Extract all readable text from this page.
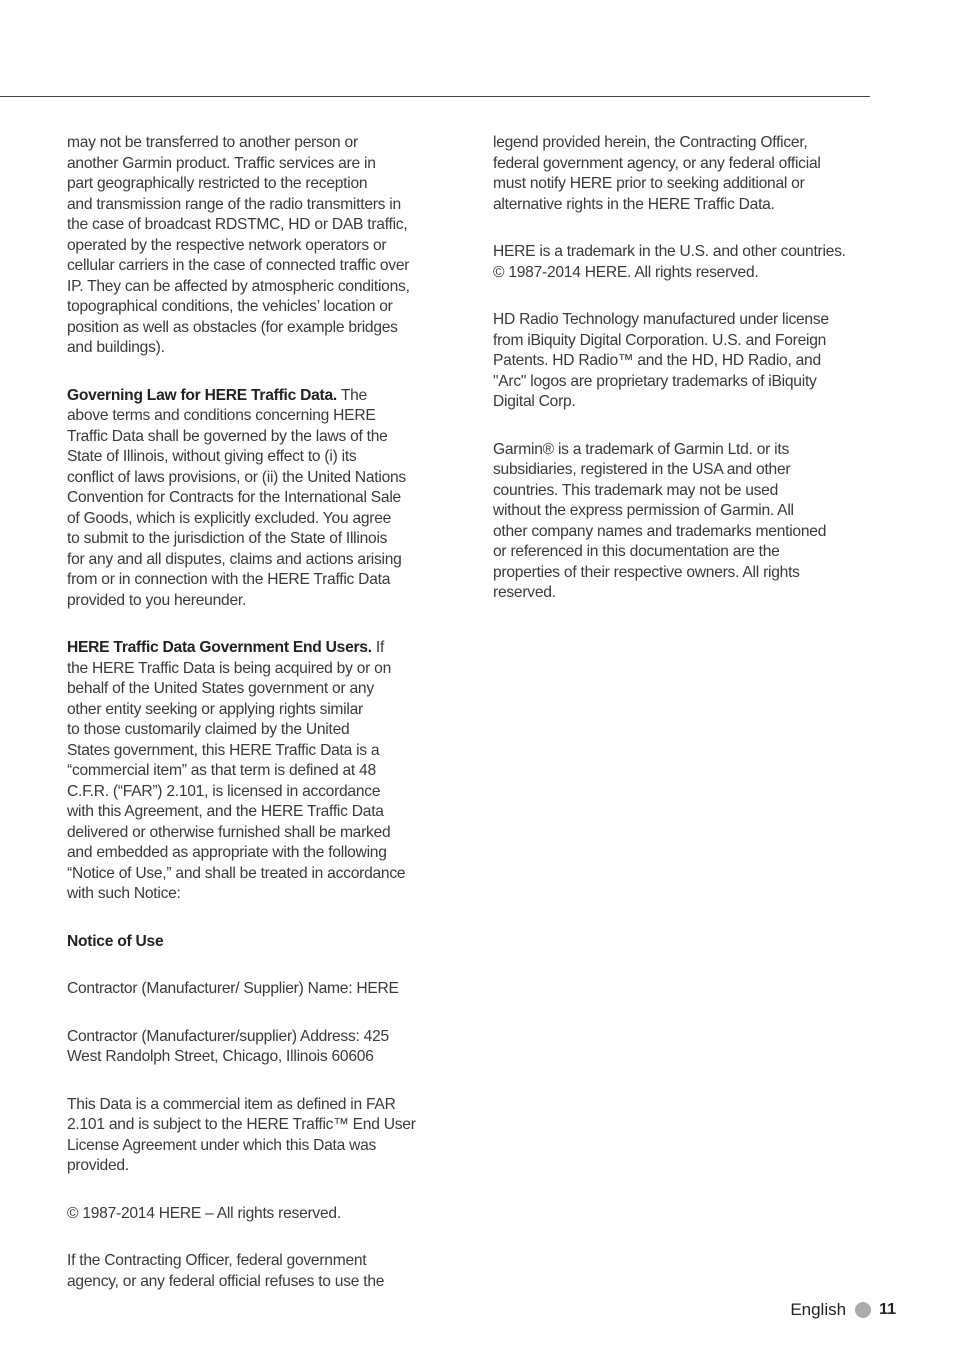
may not be transferred to another person or
another Garmin product. Traffic services are in
part geographically restricted to the reception
and transmission range of the radio transmitters in
the case of broadcast RDSTMC, HD or DAB traffic,
operated by the respective network operators or
cellular carriers in the case of connected traffic over
IP. They can be affected by atmospheric conditions,
topographical conditions, the vehicles’ location or
position as well as obstacles (for example bridges
and buildings).

Governing Law for HERE Traffic Data. The
above terms and conditions concerning HERE
Traffic Data shall be governed by the laws of the
State of Illinois, without giving effect to (i) its
conflict of laws provisions, or (ii) the United Nations
Convention for Contracts for the International Sale
of Goods, which is explicitly excluded. You agree
to submit to the jurisdiction of the State of Illinois
for any and all disputes, claims and actions arising
from or in connection with the HERE Traffic Data
provided to you hereunder.

HERE Traffic Data Government End Users. If
the HERE Traffic Data is being acquired by or on
behalf of the United States government or any
other entity seeking or applying rights similar
to those customarily claimed by the United
States government, this HERE Traffic Data is a
“commercial item” as that term is defined at 48
C.F.R. (“FAR”) 2.101, is licensed in accordance
with this Agreement, and the HERE Traffic Data
delivered or otherwise furnished shall be marked
and embedded as appropriate with the following
“Notice of Use,” and shall be treated in accordance
with such Notice:

Notice of Use

Contractor (Manufacturer/ Supplier) Name: HERE

Contractor (Manufacturer/supplier) Address: 425
West Randolph Street, Chicago, Illinois 60606

This Data is a commercial item as defined in FAR
2.101 and is subject to the HERE Traffic™ End User
License Agreement under which this Data was
provided.

© 1987-2014 HERE – All rights reserved.

If the Contracting Officer, federal government
agency, or any federal official refuses to use the

legend provided herein, the Contracting Officer,
federal government agency, or any federal official
must notify HERE prior to seeking additional or
alternative rights in the HERE Traffic Data.

HERE is a trademark in the U.S. and other countries.
© 1987-2014 HERE. All rights reserved.

HD Radio Technology manufactured under license
from iBiquity Digital Corporation. U.S. and Foreign
Patents. HD Radio™ and the HD, HD Radio, and
"Arc" logos are proprietary trademarks of iBiquity
Digital Corp.

Garmin® is a trademark of Garmin Ltd. or its
subsidiaries, registered in the USA and other
countries. This trademark may not be used
without the express permission of Garmin. All
other company names and trademarks mentioned
or referenced in this documentation are the
properties of their respective owners. All rights
reserved.

English 11
